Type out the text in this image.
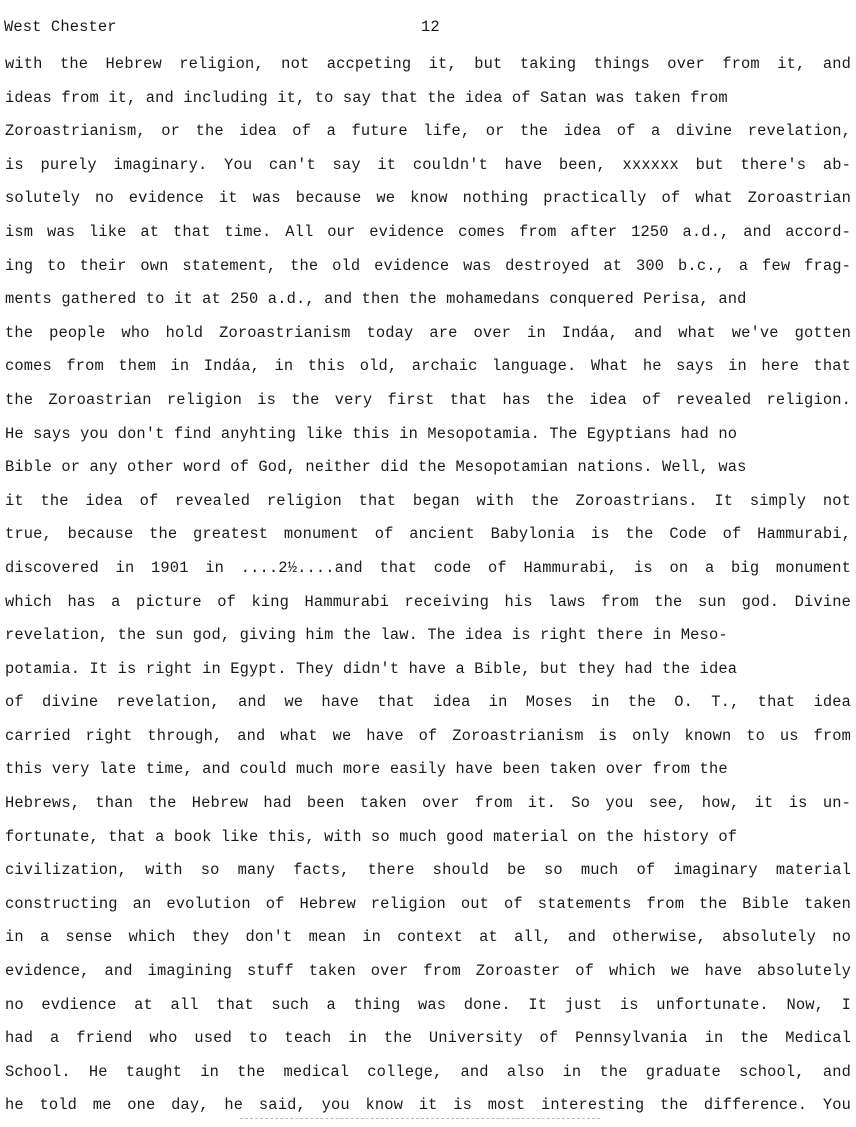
West Chester	12
with the Hebrew religion, not accpeting it, but taking things over from it, and
ideas from it, and including it, to say that the idea of Satan was taken from
Zoroastrianism, or the idea of a future life, or the idea of a divine revelation,
is purely imaginary. You can't say it couldn't have been, xxxxxx but there's ab-
solutely no evidence it was because we know nothing practically of what Zoroastrian
ism was like at that time. All our evidence comes from after 1250 a.d., and accord-
ing to their own statement, the old evidence was destroyed at 300 b.c., a few frag-
ments gathered to it at 250 a.d., and then the mohamedans conquered Perisa, and
the people who hold Zoroastrianism today are over in Indáa, and what we've gotten
comes from them in Indáa, in this old, archaic language. What he says in here that
the Zoroastrian religion is the very first that has the idea of revealed religion.
He says you don't find anyhting like this in Mesopotamia. The Egyptians had no
Bible or any other word of God, neither did the Mesopotamian nations. Well, was
it the idea of revealed religion that began with the Zoroastrians. It simply not
true, because the greatest monument of ancient Babylonia is the Code of Hammurabi,
discovered in 1901 in ....2½....and that code of Hammurabi, is on a big monument
which has a picture of king Hammurabi receiving his laws from the sun god. Divine
revelation, the sun god, giving him the law. The idea is right there in Meso-
potamia. It is right in Egypt. They didn't have a Bible, but they had the idea
of divine revelation, and we have that idea in Moses in the O. T., that idea
carried right through, and what we have of Zoroastrianism is only known to us from
this very late time, and could much more easily have been taken over from the
Hebrews, than the Hebrew had been taken over from it. So you see, how, it is un-
fortunate, that a book like this, with so much good material on the history of
civilization, with so many facts, there should be so much of imaginary material
constructing an evolution of Hebrew religion out of statements from the Bible taken
in a sense which they don't mean in context at all, and otherwise, absolutely no
evidence, and imagining stuff taken over from Zoroaster of which we have absolutely
no evdience at all that such a thing was done. It just is unfortunate. Now, I
had a friend who used to teach in the University of Pennsylvania in the Medical
School. He taught in the medical college, and also in the graduate school, and
he told me one day, he said, you know it is most interesting the difference. You
